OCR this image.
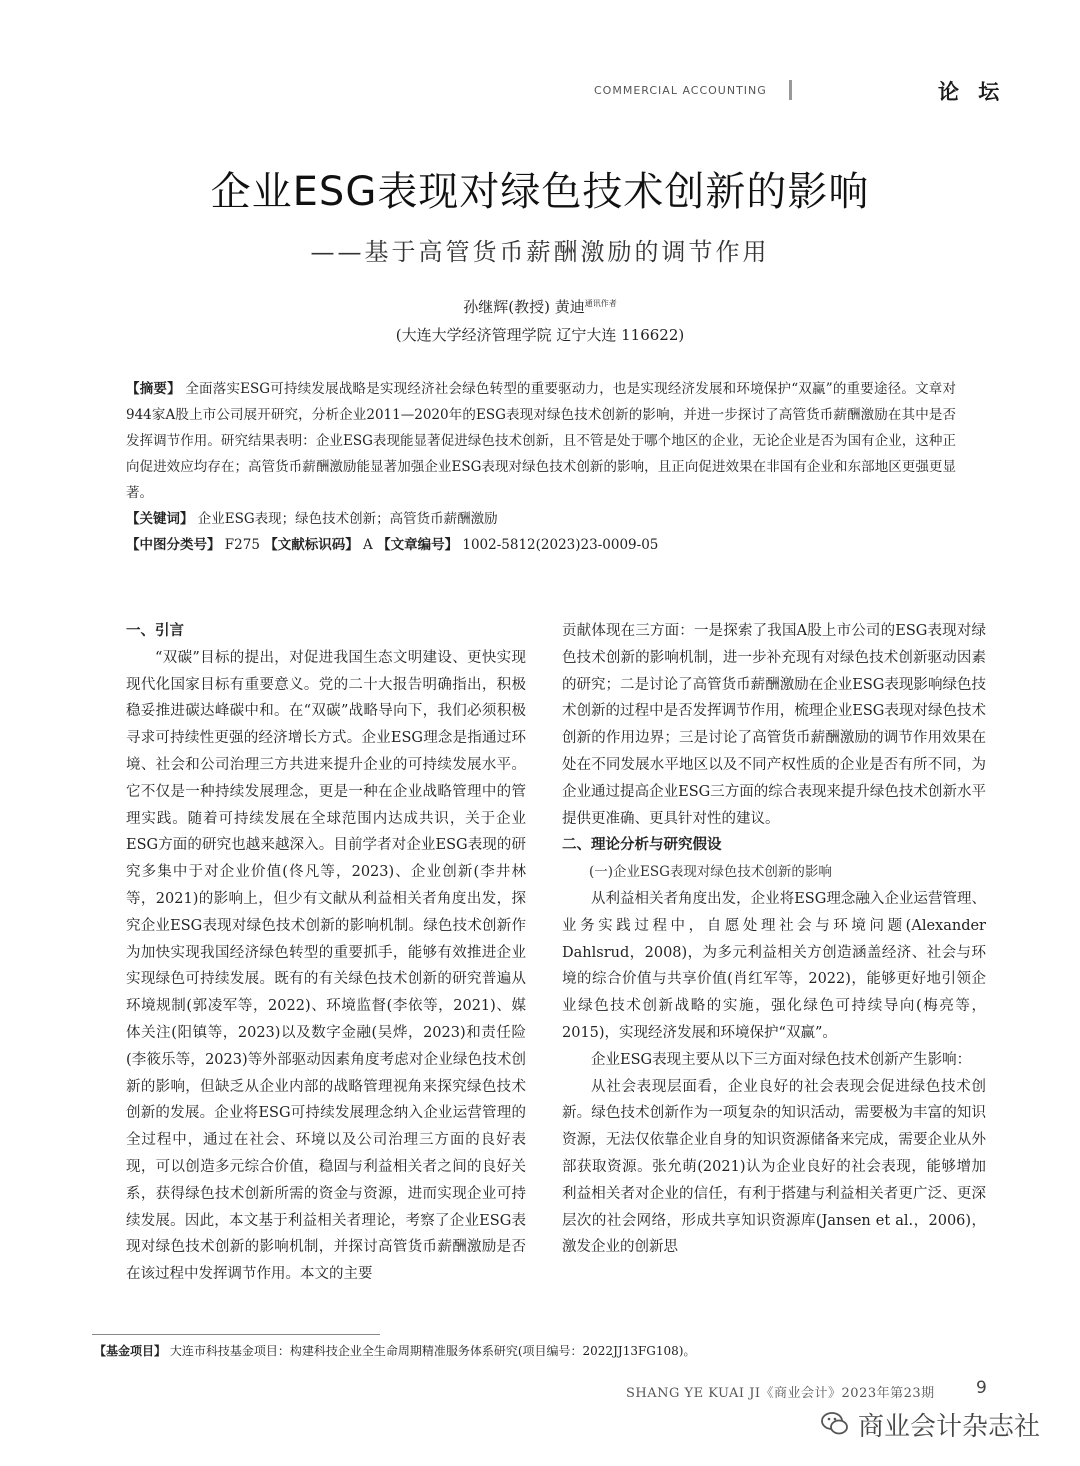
COMMERCIAL ACCOUNTING	论 坛
企业ESG表现对绿色技术创新的影响
——基于高管货币薪酬激励的调节作用
孙继辉(教授) 黄迪$^{通讯作者}$
(大连大学经济管理学院 辽宁大连 116622)

【摘要】 全面落实ESG可持续发展战略是实现经济社会绿色转型的重要驱动力，也是实现经济发展和环境保护“双赢”的重要途径。文章对944家A股上市公司展开研究，分析企业2011—2020年的ESG表现对绿色技术创新的影响，并进一步探讨了高管货币薪酬激励在其中是否发挥调节作用。研究结果表明：企业ESG表现能显著促进绿色技术创新，且不管是处于哪个地区的企业，无论企业是否为国有企业，这种正向促进效应均存在；高管货币薪酬激励能显著加强企业ESG表现对绿色技术创新的影响，且正向促进效果在非国有企业和东部地区更强更显著。

【关键词】 企业ESG表现；绿色技术创新；高管货币薪酬激励

【中图分类号】 F275 【文献标识码】 A 【文章编号】 1002-5812(2023)23-0009-05

一、引言

“双碳”目标的提出，对促进我国生态文明建设、更快实现现代化国家目标有重要意义。党的二十大报告明确指出，积极稳妥推进碳达峰碳中和。在“双碳”战略导向下，我们必须积极寻求可持续性更强的经济增长方式。企业ESG理念是指通过环境、社会和公司治理三方共进来提升企业的可持续发展水平。它不仅是一种持续发展理念，更是一种在企业战略管理中的管理实践。随着可持续发展在全球范围内达成共识，关于企业ESG方面的研究也越来越深入。目前学者对企业ESG表现的研究多集中于对企业价值(佟凡等，2023)、企业创新(李井林等，2021)的影响上，但少有文献从利益相关者角度出发，探究企业ESG表现对绿色技术创新的影响机制。绿色技术创新作为加快实现我国经济绿色转型的重要抓手，能够有效推进企业实现绿色可持续发展。既有的有关绿色技术创新的研究普遍从环境规制(郭凌军等，2022)、环境监督(李依等，2021)、媒体关注(阳镇等，2023)以及数字金融(吴烨，2023)和责任险(李筱乐等，2023)等外部驱动因素角度考虑对企业绿色技术创新的影响，但缺乏从企业内部的战略管理视角来探究绿色技术创新的发展。企业将ESG可持续发展理念纳入企业运营管理的全过程中，通过在社会、环境以及公司治理三方面的良好表现，可以创造多元综合价值，稳固与利益相关者之间的良好关系，获得绿色技术创新所需的资金与资源，进而实现企业可持续发展。因此，本文基于利益相关者理论，考察了企业ESG表现对绿色技术创新的影响机制，并探讨高管货币薪酬激励是否在该过程中发挥调节作用。本文的主要

贡献体现在三方面：一是探索了我国A股上市公司的ESG表现对绿色技术创新的影响机制，进一步补充现有对绿色技术创新驱动因素的研究；二是讨论了高管货币薪酬激励在企业ESG表现影响绿色技术创新的过程中是否发挥调节作用，梳理企业ESG表现对绿色技术创新的作用边界；三是讨论了高管货币薪酬激励的调节作用效果在处在不同发展水平地区以及不同产权性质的企业是否有所不同，为企业通过提高企业ESG三方面的综合表现来提升绿色技术创新水平提供更准确、更具针对性的建议。

二、理论分析与研究假设

(一)企业ESG表现对绿色技术创新的影响

从利益相关者角度出发，企业将ESG理念融入企业运营管理、业务实践过程中，自愿处理社会与环境问题(Alexander Dahlsrud，2008)，为多元利益相关方创造涵盖经济、社会与环境的综合价值与共享价值(肖红军等，2022)，能够更好地引领企业绿色技术创新战略的实施，强化绿色可持续导向(梅亮等，2015)，实现经济发展和环境保护“双赢”。

企业ESG表现主要从以下三方面对绿色技术创新产生影响：

从社会表现层面看，企业良好的社会表现会促进绿色技术创新。绿色技术创新作为一项复杂的知识活动，需要极为丰富的知识资源，无法仅依靠企业自身的知识资源储备来完成，需要企业从外部获取资源。张允萌(2021)认为企业良好的社会表现，能够增加利益相关者对企业的信任，有利于搭建与利益相关者更广泛、更深层次的社会网络，形成共享知识资源库(Jansen et al.，2006)，激发企业的创新思

【基金项目】 大连市科技基金项目：构建科技企业全生命周期精准服务体系研究(项目编号：2022JJ13FG108)。
SHANG YE KUAI JI《商业会计》2023年第23期 9
商业会计杂志社
